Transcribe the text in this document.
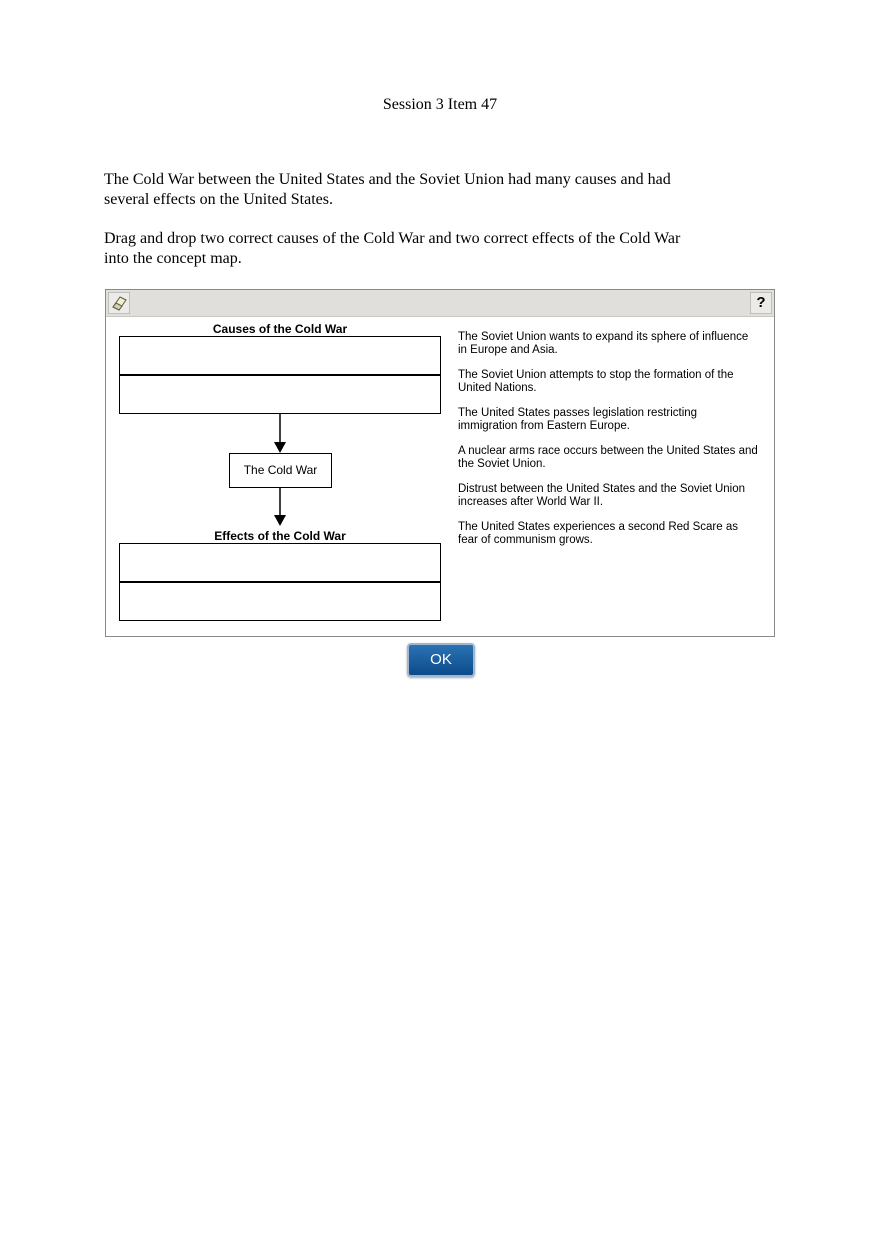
Session 3 Item 47
The Cold War between the United States and the Soviet Union had many causes and had several effects on the United States.
Drag and drop two correct causes of the Cold War and two correct effects of the Cold War into the concept map.
?
Causes of the Cold War
The Cold War
Effects of the Cold War
The Soviet Union wants to expand its sphere of influence in Europe and Asia.
The Soviet Union attempts to stop the formation of the United Nations.
The United States passes legislation restricting immigration from Eastern Europe.
A nuclear arms race occurs between the United States and the Soviet Union.
Distrust between the United States and the Soviet Union increases after World War II.
The United States experiences a second Red Scare as fear of communism grows.
OK
